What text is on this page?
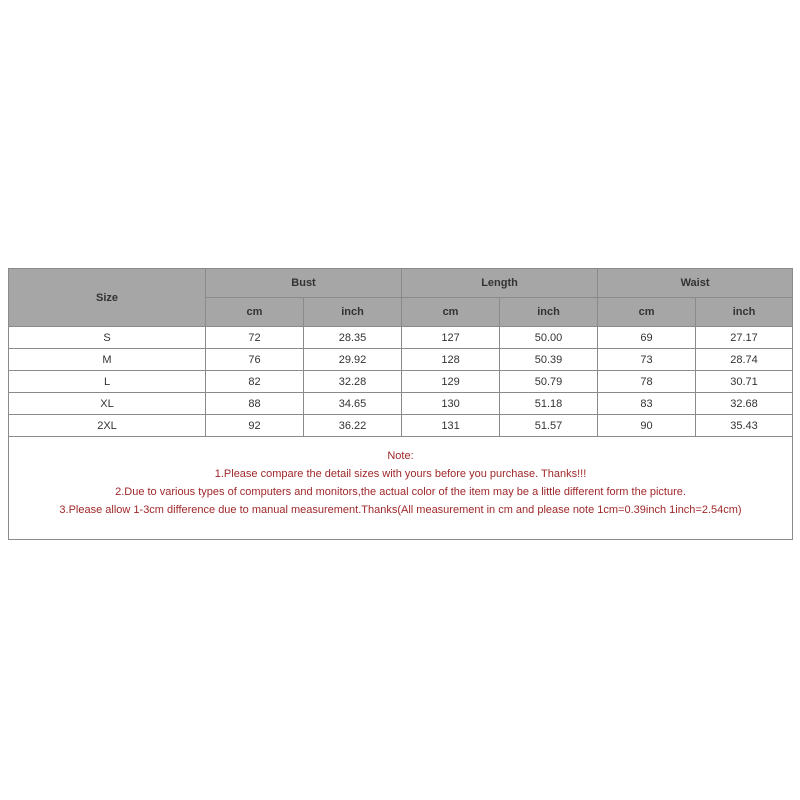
Size	Bust		Length		Waist	
	cm	inch	cm	inch	cm	inch
S	72	28.35	127	50.00	69	27.17
M	76	29.92	128	50.39	73	28.74
L	82	32.28	129	50.79	78	30.71
XL	88	34.65	130	51.18	83	32.68
2XL	92	36.22	131	51.57	90	35.43

Note:
1.Please compare the detail sizes with yours before you purchase. Thanks!!!
2.Due to various types of computers and monitors,the actual color of the item may be a little different form the picture.
3.Please allow 1-3cm difference due to manual measurement.Thanks(All measurement in cm and please note 1cm=0.39inch 1inch=2.54cm)						
